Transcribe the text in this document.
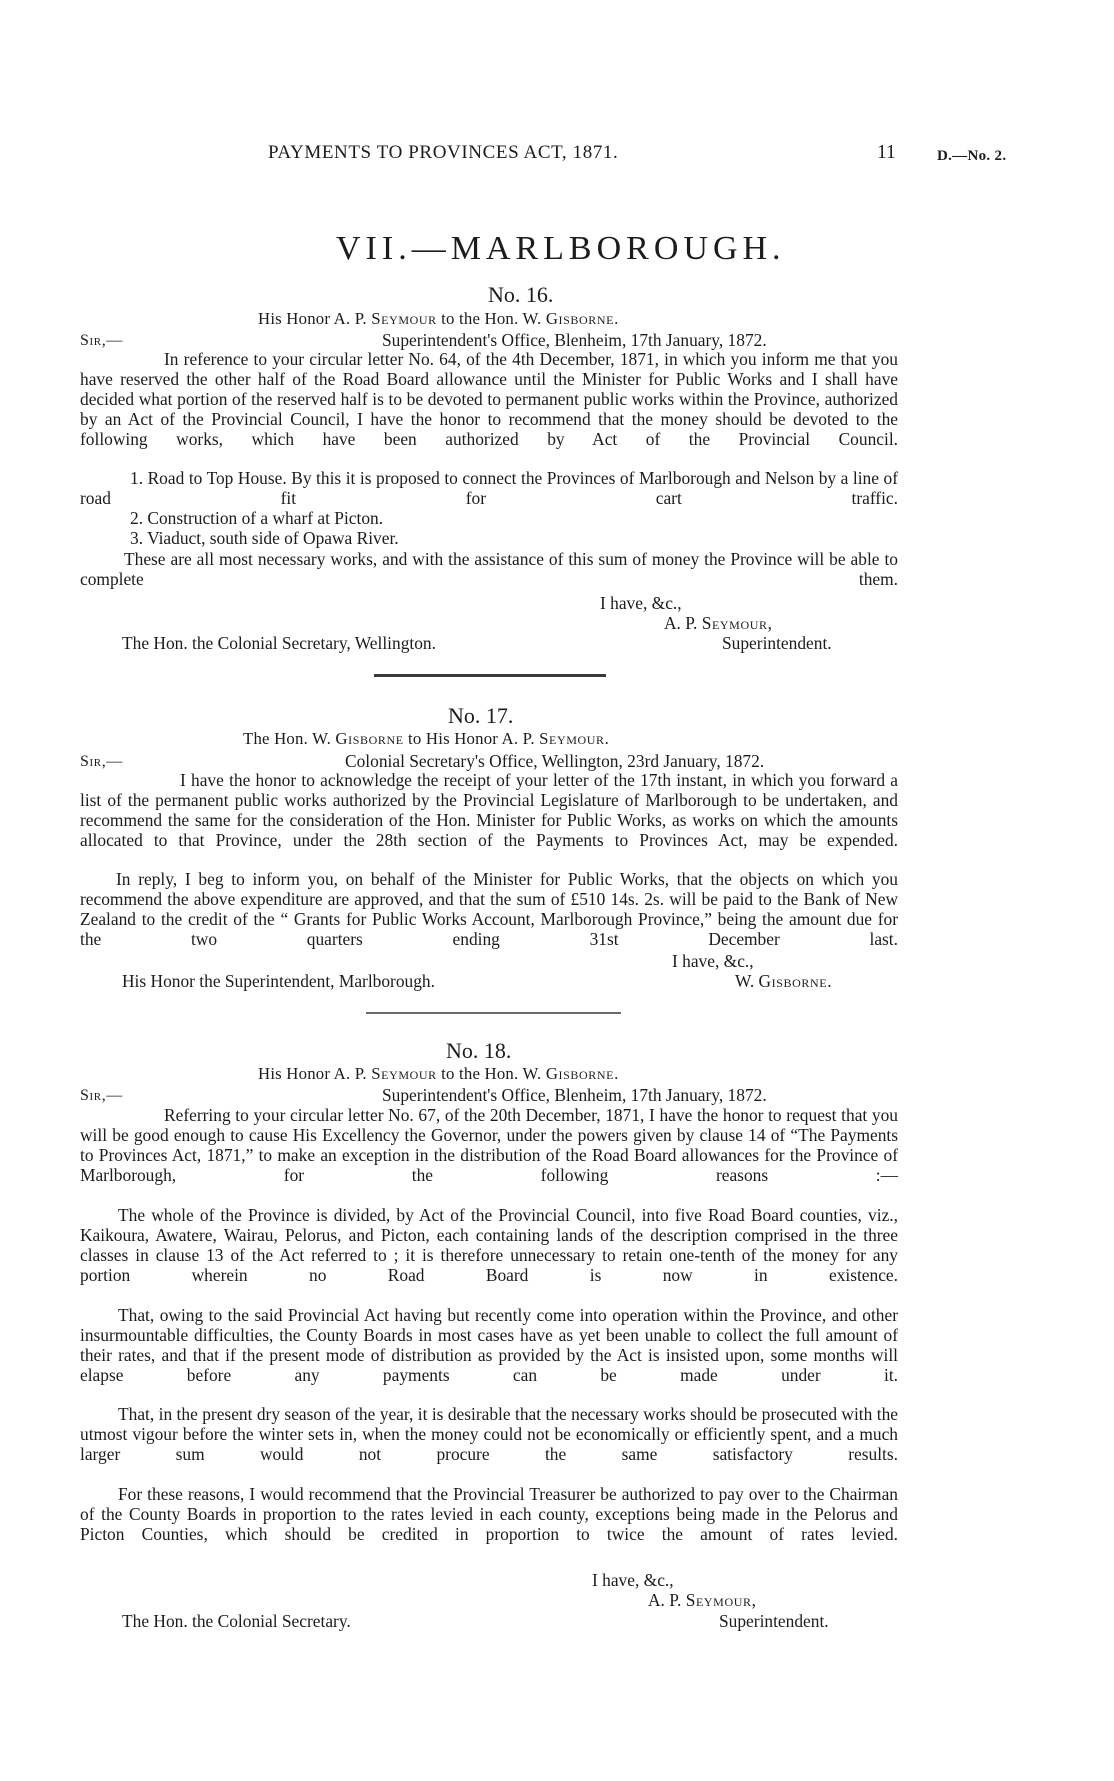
PAYMENTS TO PROVINCES ACT, 1871.	11	D.—No. 2.
VII.—MARLBOROUGH.
No. 16.
His Honor A. P. Seymour to the Hon. W. Gisborne.
Sir,—	Superintendent's Office, Blenheim, 17th January, 1872.

In reference to your circular letter No. 64, of the 4th December, 1871, in which you inform me that you have reserved the other half of the Road Board allowance until the Minister for Public Works and I shall have decided what portion of the reserved half is to be devoted to permanent public works within the Province, authorized by an Act of the Provincial Council, I have the honor to recommend that the money should be devoted to the following works, which have been authorized by Act of the Provincial Council.

1. Road to Top House. By this it is proposed to connect the Provinces of Marlborough and Nelson by a line of road fit for cart traffic.

2. Construction of a wharf at Picton.

3. Viaduct, south side of Opawa River.

These are all most necessary works, and with the assistance of this sum of money the Province will be able to complete them.

I have, &c.,
A. P. Seymour,
The Hon. the Colonial Secretary, Wellington.	Superintendent.
No. 17.
The Hon. W. Gisborne to His Honor A. P. Seymour.
Sir,—	Colonial Secretary's Office, Wellington, 23rd January, 1872.

I have the honor to acknowledge the receipt of your letter of the 17th instant, in which you forward a list of the permanent public works authorized by the Provincial Legislature of Marlborough to be undertaken, and recommend the same for the consideration of the Hon. Minister for Public Works, as works on which the amounts allocated to that Province, under the 28th section of the Payments to Provinces Act, may be expended.

In reply, I beg to inform you, on behalf of the Minister for Public Works, that the objects on which you recommend the above expenditure are approved, and that the sum of £510 14s. 2s. will be paid to the Bank of New Zealand to the credit of the “ Grants for Public Works Account, Marlborough Province,” being the amount due for the two quarters ending 31st December last.

I have, &c.,
His Honor the Superintendent, Marlborough.	W. Gisborne.
No. 18.
His Honor A. P. Seymour to the Hon. W. Gisborne.
Sir,—	Superintendent's Office, Blenheim, 17th January, 1872.

Referring to your circular letter No. 67, of the 20th December, 1871, I have the honor to request that you will be good enough to cause His Excellency the Governor, under the powers given by clause 14 of “The Payments to Provinces Act, 1871,” to make an exception in the distribution of the Road Board allowances for the Province of Marlborough, for the following reasons :—

The whole of the Province is divided, by Act of the Provincial Council, into five Road Board counties, viz., Kaikoura, Awatere, Wairau, Pelorus, and Picton, each containing lands of the description comprised in the three classes in clause 13 of the Act referred to ; it is therefore unnecessary to retain one-tenth of the money for any portion wherein no Road Board is now in existence.

That, owing to the said Provincial Act having but recently come into operation within the Province, and other insurmountable difficulties, the County Boards in most cases have as yet been unable to collect the full amount of their rates, and that if the present mode of distribution as provided by the Act is insisted upon, some months will elapse before any payments can be made under it.

That, in the present dry season of the year, it is desirable that the necessary works should be prosecuted with the utmost vigour before the winter sets in, when the money could not be economically or efficiently spent, and a much larger sum would not procure the same satisfactory results.

For these reasons, I would recommend that the Provincial Treasurer be authorized to pay over to the Chairman of the County Boards in proportion to the rates levied in each county, exceptions being made in the Pelorus and Picton Counties, which should be credited in proportion to twice the amount of rates levied.

I have, &c.,
A. P. Seymour,
The Hon. the Colonial Secretary.	Superintendent.
